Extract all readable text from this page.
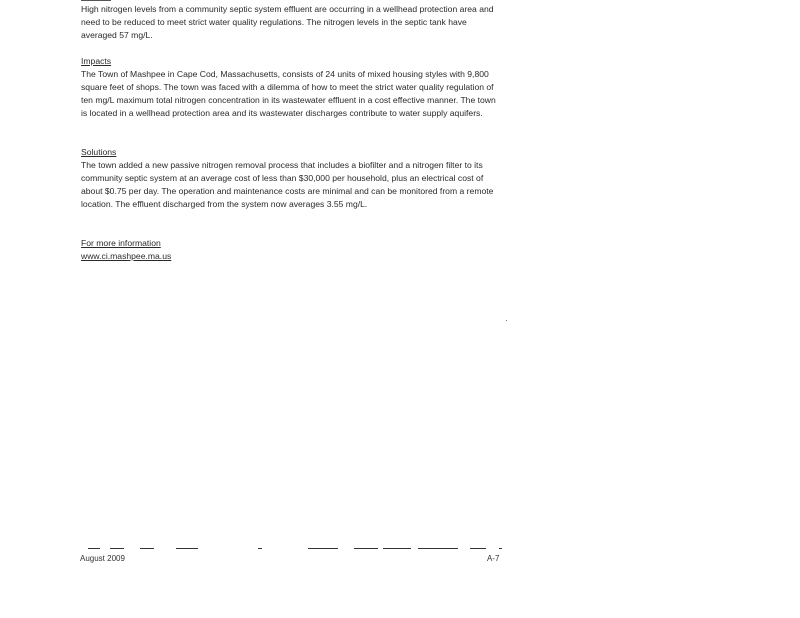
High nitrogen levels from a community septic system effluent are occurring in a wellhead protection area and need to be reduced to meet strict water quality regulations. The nitrogen levels in the septic tank have averaged 57 mg/L.

Impacts

The Town of Mashpee in Cape Cod, Massachusetts, consists of 24 units of mixed housing styles with 9,800 square feet of shops. The town was faced with a dilemma of how to meet the strict water quality regulation of ten mg/L maximum total nitrogen concentration in its wastewater effluent in a cost effective manner. The town is located in a wellhead protection area and its wastewater discharges contribute to water supply aquifers.

Solutions

The town added a new passive nitrogen removal process that includes a biofilter and a nitrogen filter to its community septic system at an average cost of less than $30,000 per household, plus an electrical cost of about $0.75 per day. The operation and maintenance costs are minimal and can be monitored from a remote location. The effluent discharged from the system now averages 3.55 mg/L.

For more information
www.ci.mashpee.ma.us
August 2009	A-7
